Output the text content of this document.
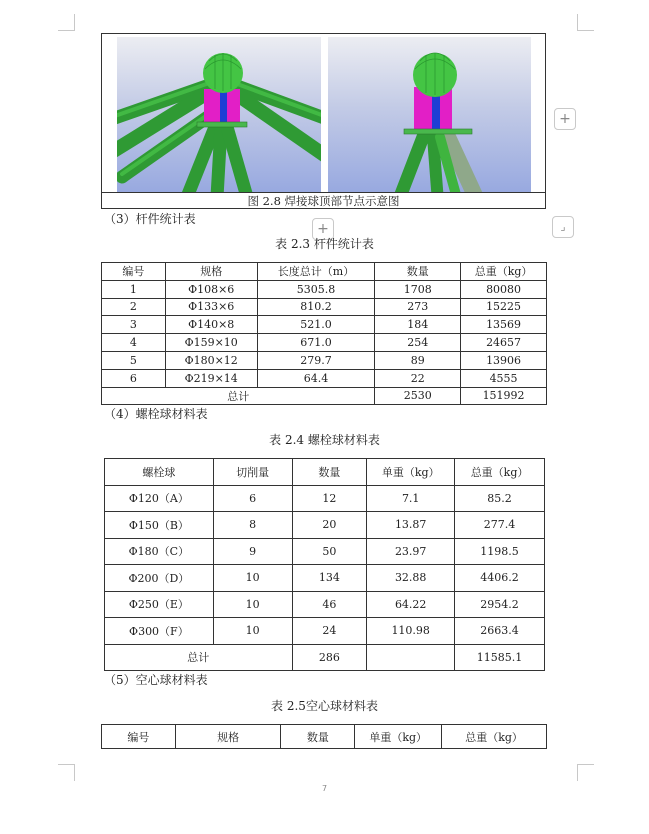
图 2.8 焊接球顶部节点示意图
+
+	⌟
（3）杆件统计表
表 2.3 杆件统计表
编号	规格	长度总计（m）	数量	总重（kg）
1	Φ108×6	5305.8	1708	80080
2	Φ133×6	810.2	273	15225
3	Φ140×8	521.0	184	13569
4	Φ159×10	671.0	254	24657
5	Φ180×12	279.7	89	13906
6	Φ219×14	64.4	22	4555
总计			2530	151992
（4）螺栓球材料表
表 2.4 螺栓球材料表
螺栓球	切削量	数量	单重（kg）	总重（kg）
Φ120（A）	6	12	7.1	85.2
Φ150（B）	8	20	13.87	277.4
Φ180（C）	9	50	23.97	1198.5
Φ200（D）	10	134	32.88	4406.2
Φ250（E）	10	46	64.22	2954.2
Φ300（F）	10	24	110.98	2663.4
总计		286		11585.1
（5）空心球材料表
表 2.5空心球材料表
编号	规格	数量	单重（kg）	总重（kg）
7
